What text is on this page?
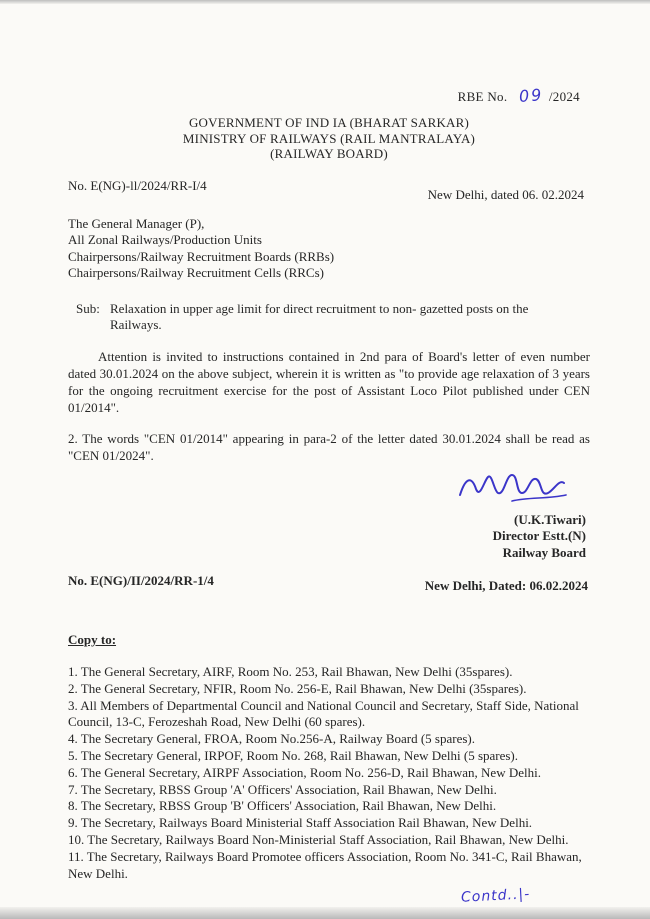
RBE No. 09 /2024
GOVERNMENT OF IND IA (BHARAT SARKAR)
MINISTRY OF RAILWAYS (RAIL MANTRALAYA)
(RAILWAY BOARD)
No. E(NG)-ll/2024/RR-I/4
New Delhi, dated 06. 02.2024
The General Manager (P),
All Zonal Railways/Production Units
Chairpersons/Railway Recruitment Boards (RRBs)
Chairpersons/Railway Recruitment Cells (RRCs)
Sub: Relaxation in upper age limit for direct recruitment to non- gazetted posts on the Railways.
Attention is invited to instructions contained in 2nd para of Board's letter of even number dated 30.01.2024 on the above subject, wherein it is written as "to provide age relaxation of 3 years for the ongoing recruitment exercise for the post of Assistant Loco Pilot published under CEN 01/2014".
2. The words "CEN 01/2014" appearing in para-2 of the letter dated 30.01.2024 shall be read as "CEN 01/2024".
(U.K.Tiwari)
Director Estt.(N)
Railway Board
No. E(NG)/II/2024/RR-1/4	New Delhi, Dated: 06.02.2024
Copy to:
1. The General Secretary, AIRF, Room No. 253, Rail Bhawan, New Delhi (35spares).
2. The General Secretary, NFIR, Room No. 256-E, Rail Bhawan, New Delhi (35spares).
3. All Members of Departmental Council and National Council and Secretary, Staff Side, National Council, 13-C, Ferozeshah Road, New Delhi (60 spares).
4. The Secretary General, FROA, Room No.256-A, Railway Board (5 spares).
5. The Secretary General, IRPOF, Room No. 268, Rail Bhawan, New Delhi (5 spares).
6. The General Secretary, AIRPF Association, Room No. 256-D, Rail Bhawan, New Delhi.
7. The Secretary, RBSS Group 'A' Officers' Association, Rail Bhawan, New Delhi.
8. The Secretary, RBSS Group 'B' Officers' Association, Rail Bhawan, New Delhi.
9. The Secretary, Railways Board Ministerial Staff Association Rail Bhawan, New Delhi.
10. The Secretary, Railways Board Non-Ministerial Staff Association, Rail Bhawan, New Delhi.
11. The Secretary, Railways Board Promotee officers Association, Room No. 341-C, Rail Bhawan, New Delhi.
Contd..|-
